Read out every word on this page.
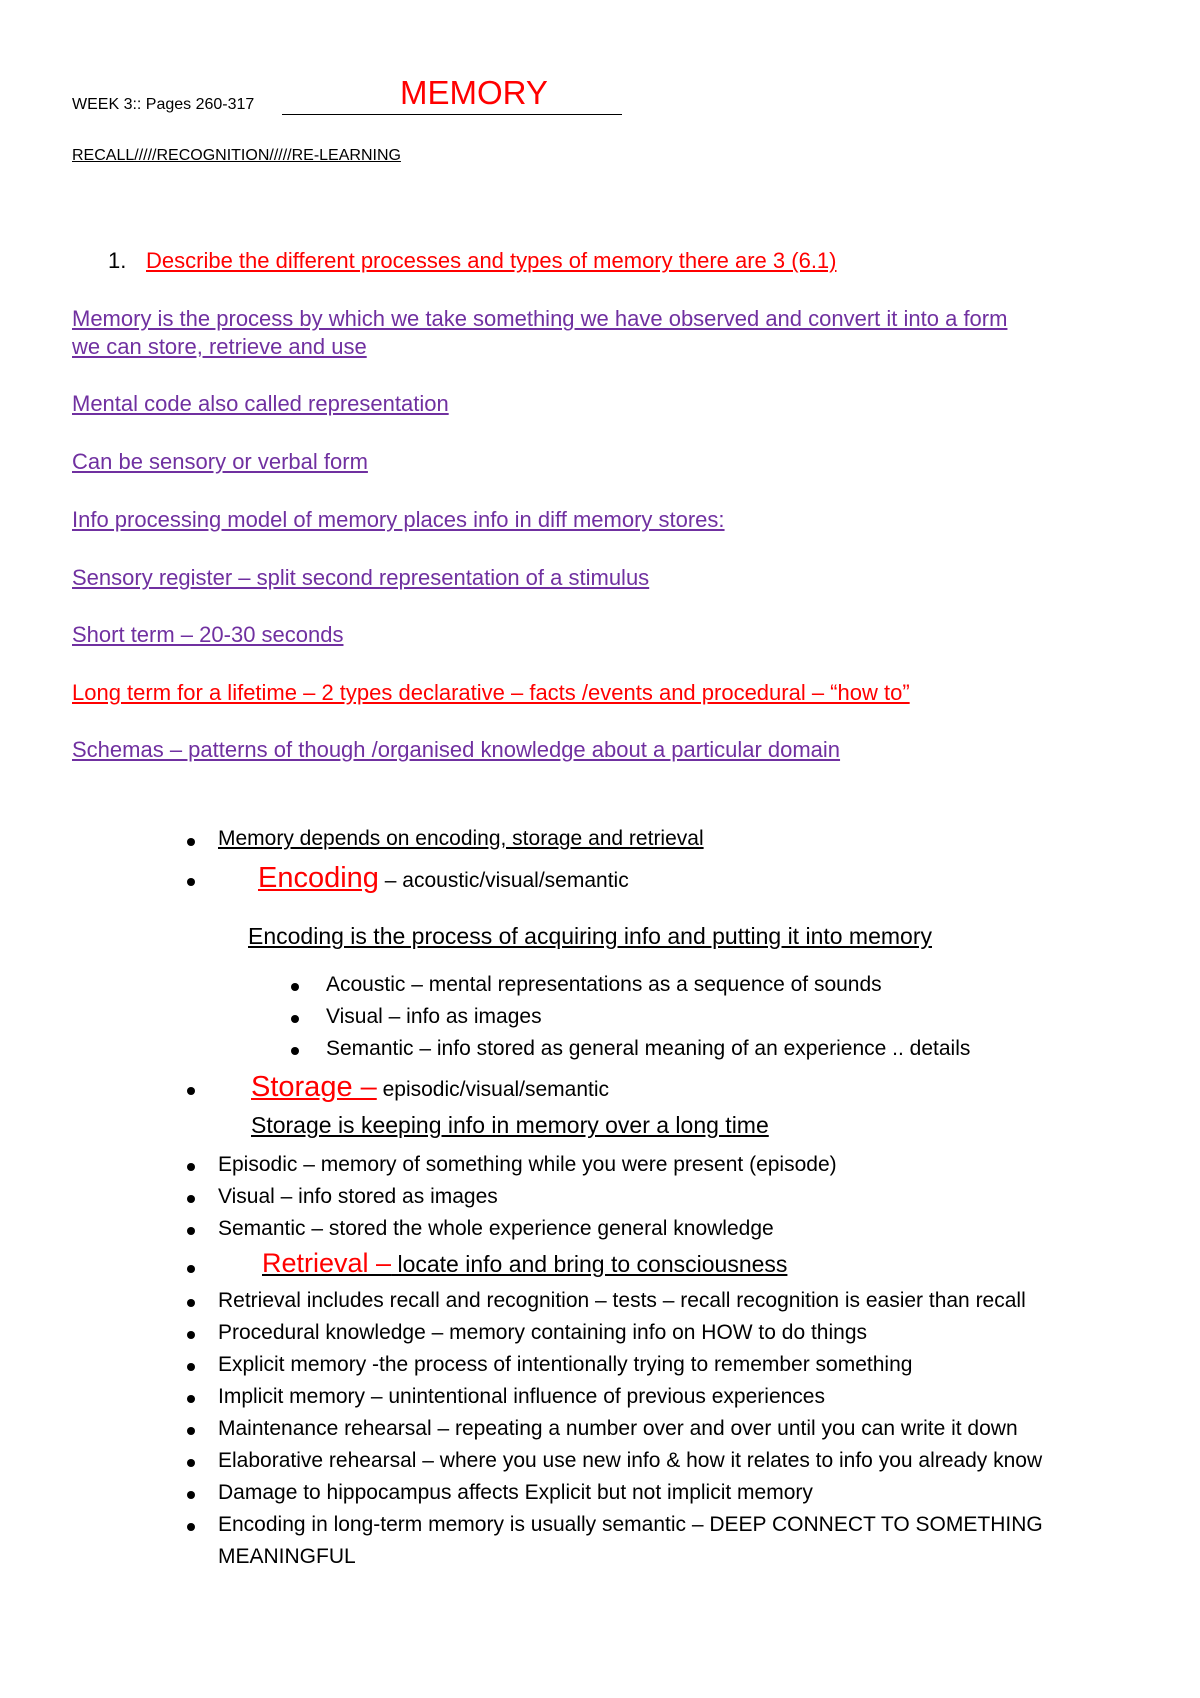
WEEK 3:: Pages 260-317	MEMORY
RECALL/////RECOGNITION/////RE-LEARNING
1. Describe the different processes and types of memory there are 3 (6.1)
Memory is the process by which we take something we have observed and convert it into a form
we can store, retrieve and use
Mental code also called representation
Can be sensory or verbal form
Info processing model of memory places info in diff memory stores:
Sensory register – split second representation of a stimulus
Short term – 20-30 seconds
Long term for a lifetime – 2 types declarative – facts /events and procedural – “how to”
Schemas – patterns of though /organised knowledge about a particular domain
Memory depends on encoding, storage and retrieval
Encoding – acoustic/visual/semantic
Encoding is the process of acquiring info and putting it into memory
Acoustic – mental representations as a sequence of sounds
Visual – info as images
Semantic – info stored as general meaning of an experience .. details
Storage – episodic/visual/semantic
Storage is keeping info in memory over a long time
Episodic – memory of something while you were present (episode)
Visual – info stored as images
Semantic – stored the whole experience general knowledge
Retrieval – locate info and bring to consciousness
Retrieval includes recall and recognition – tests – recall recognition is easier than recall
Procedural knowledge – memory containing info on HOW to do things
Explicit memory -the process of intentionally trying to remember something
Implicit memory – unintentional influence of previous experiences
Maintenance rehearsal – repeating a number over and over until you can write it down
Elaborative rehearsal – where you use new info & how it relates to info you already know
Damage to hippocampus affects Explicit but not implicit memory
Encoding in long-term memory is usually semantic – DEEP CONNECT TO SOMETHING
MEANINGFUL
